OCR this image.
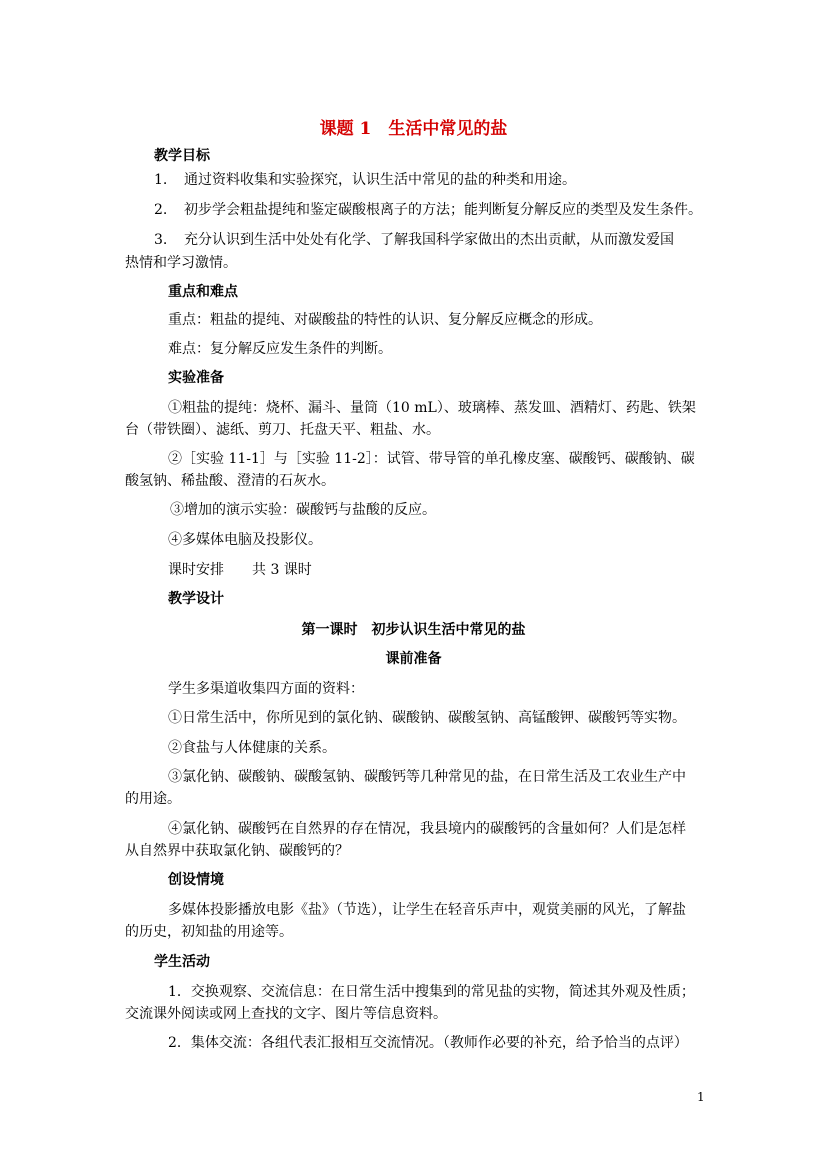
课题 1　生活中常见的盐
教学目标
1. 通过资料收集和实验探究，认识生活中常见的盐的种类和用途。
2. 初步学会粗盐提纯和鉴定碳酸根离子的方法；能判断复分解反应的类型及发生条件。
3. 充分认识到生活中处处有化学、了解我国科学家做出的杰出贡献，从而激发爱国
热情和学习激情。
重点和难点
重点：粗盐的提纯、对碳酸盐的特性的认识、复分解反应概念的形成。
难点：复分解反应发生条件的判断。
实验准备
①粗盐的提纯：烧杯、漏斗、量筒（10 mL）、玻璃棒、蒸发皿、酒精灯、药匙、铁架
台（带铁圈）、滤纸、剪刀、托盘天平、粗盐、水。
②［实验 11-1］与［实验 11-2］：试管、带导管的单孔橡皮塞、碳酸钙、碳酸钠、碳
酸氢钠、稀盐酸、澄清的石灰水。
③增加的演示实验：碳酸钙与盐酸的反应。
④多媒体电脑及投影仪。
课时安排　　共 3 课时
教学设计
第一课时　初步认识生活中常见的盐
课前准备
学生多渠道收集四方面的资料：
①日常生活中，你所见到的氯化钠、碳酸钠、碳酸氢钠、高锰酸钾、碳酸钙等实物。
②食盐与人体健康的关系。
③氯化钠、碳酸钠、碳酸氢钠、碳酸钙等几种常见的盐，在日常生活及工农业生产中
的用途。
④氯化钠、碳酸钙在自然界的存在情况，我县境内的碳酸钙的含量如何？人们是怎样
从自然界中获取氯化钠、碳酸钙的？
创设情境
多媒体投影播放电影《盐》（节选），让学生在轻音乐声中，观赏美丽的风光，了解盐
的历史，初知盐的用途等。
学生活动
1．交换观察、交流信息：在日常生活中搜集到的常见盐的实物，简述其外观及性质；
交流课外阅读或网上查找的文字、图片等信息资料。
2．集体交流：各组代表汇报相互交流情况。（教师作必要的补充，给予恰当的点评）
1
